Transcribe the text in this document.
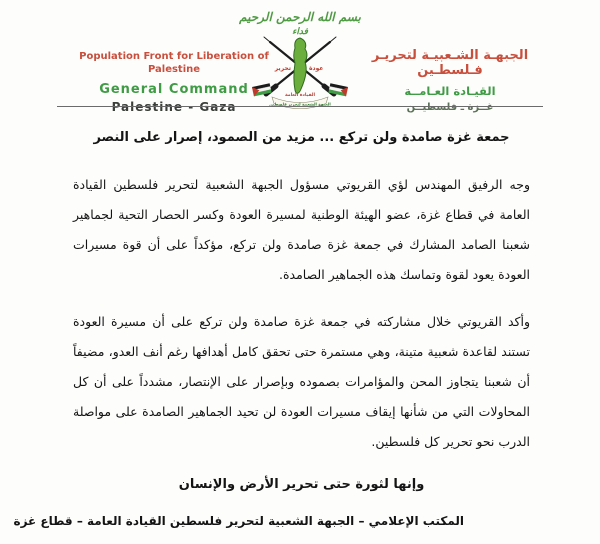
بسم الله الرحمن الرحيم
فداء
Population Front for Liberation of Palestine
General Command
Palestine - Gaza
الجبهـة الشـعبيـة لتحريـر فـلسطـين
القيـادة العـامــة
غــزة ـ فلسطيــن
تحرير	عودة
القيادة العامة
الجبهة الشعبية لتحرير فلسطين
جمعة غزة صامدة ولن تركع ... مزيد من الصمود، إصرار على النصر

وجه الرفيق المهندس لؤي القريوتي مسؤول الجبهة الشعبية لتحرير فلسطين القيادة العامة في قطاع غزة، عضو الهيئة الوطنية لمسيرة العودة وكسر الحصار التحية لجماهير شعبنا الصامد المشارك في جمعة غزة صامدة ولن تركع، مؤكداً على أن قوة مسيرات العودة يعود لقوة وتماسك هذه الجماهير الصامدة.

وأكد القريوتي خلال مشاركته في جمعة غزة صامدة ولن تركع على أن مسيرة العودة تستند لقاعدة شعبية متينة، وهي مستمرة حتى تحقق كامل أهدافها رغم أنف العدو، مضيفاً أن شعبنا يتجاوز المحن والمؤامرات بصموده وبإصرار على الإنتصار، مشدداً على أن كل المحاولات التي من شأنها إيقاف مسيرات العودة لن تحيد الجماهير الصامدة على مواصلة الدرب نحو تحرير كل فلسطين.

وإنها لثورة حتى تحرير الأرض والإنسان
المكتب الإعلامي – الجبهة الشعبية لتحرير فلسطين القيادة العامة – قطاع غزة
